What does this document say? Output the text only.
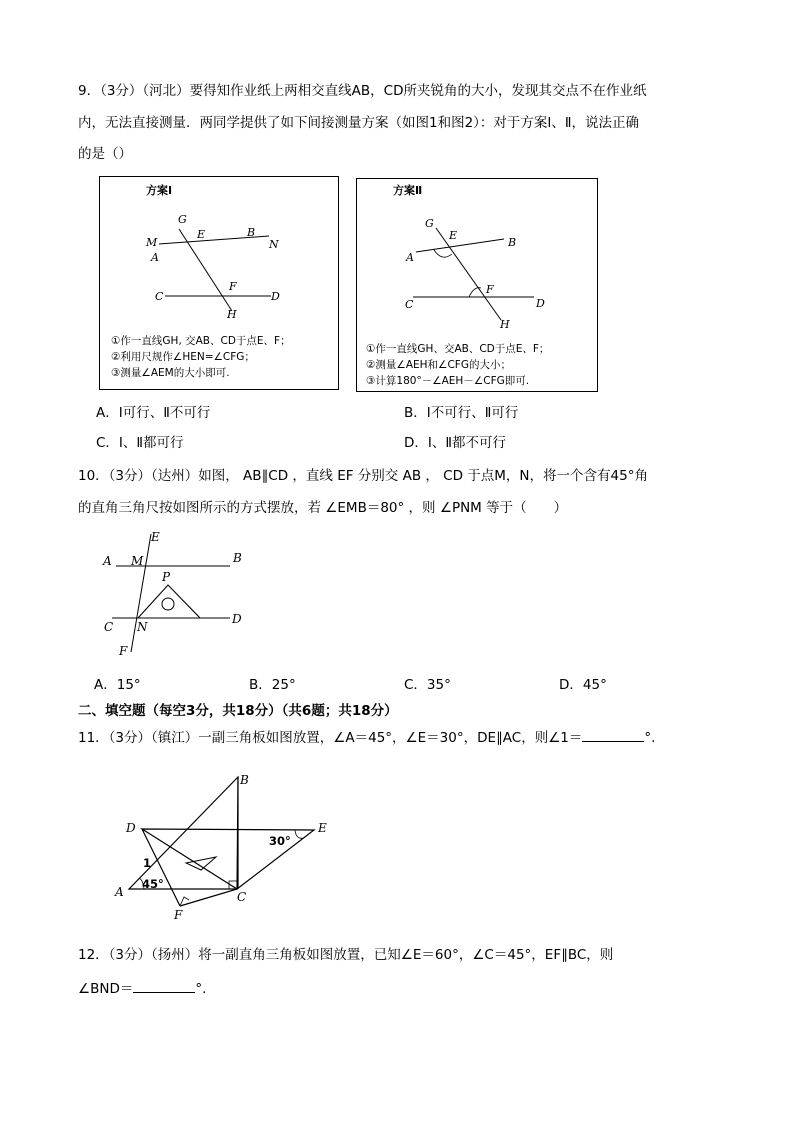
9．（3分）（河北）要得知作业纸上两相交直线AB，CD所夹锐角的大小，发现其交点不在作业纸
内，无法直接测量．两同学提供了如下间接测量方案（如图1和图2）：对于方案Ⅰ、Ⅱ，说法正确
的是（）
方案Ⅰ
G
E	B
M	N
A
F
C	D
H
①作一直线GH, 交AB、CD于点E、F；
②利用尺规作∠HEN=∠CFG；
③测量∠AEM的大小即可.
方案Ⅱ
G
E
B
A
F
C	D
H
①作一直线GH、交AB、CD于点E、F；
②测量∠AEH和∠CFG的大小；
③计算180°－∠AEH－∠CFG即可.
A．Ⅰ可行、Ⅱ不可行	B．Ⅰ不可行、Ⅱ可行
C．Ⅰ、Ⅱ都可行	D．Ⅰ、Ⅱ都不可行
10．（3分）（达州）如图， AB∥CD ，直线 EF 分别交 AB ， CD 于点M，N，将一个含有45°角
的直角三角尺按如图所示的方式摆放，若 ∠EMB＝80° ，则 ∠PNM 等于（　　）
A M
E
B
P
C N
D
F
A．15°	B．25°	C．35°	D．45°
二、填空题（每空3分，共18分）（共6题；共18分）
11．（3分）（镇江）一副三角板如图放置，∠A＝45°，∠E＝30°，DE∥AC，则∠1＝	°.
B
D	E
30°
1
A
45°
C
F
12．（3分）（扬州）将一副直角三角板如图放置，已知∠E＝60°，∠C＝45°，EF∥BC，则
∠BND＝	°.
